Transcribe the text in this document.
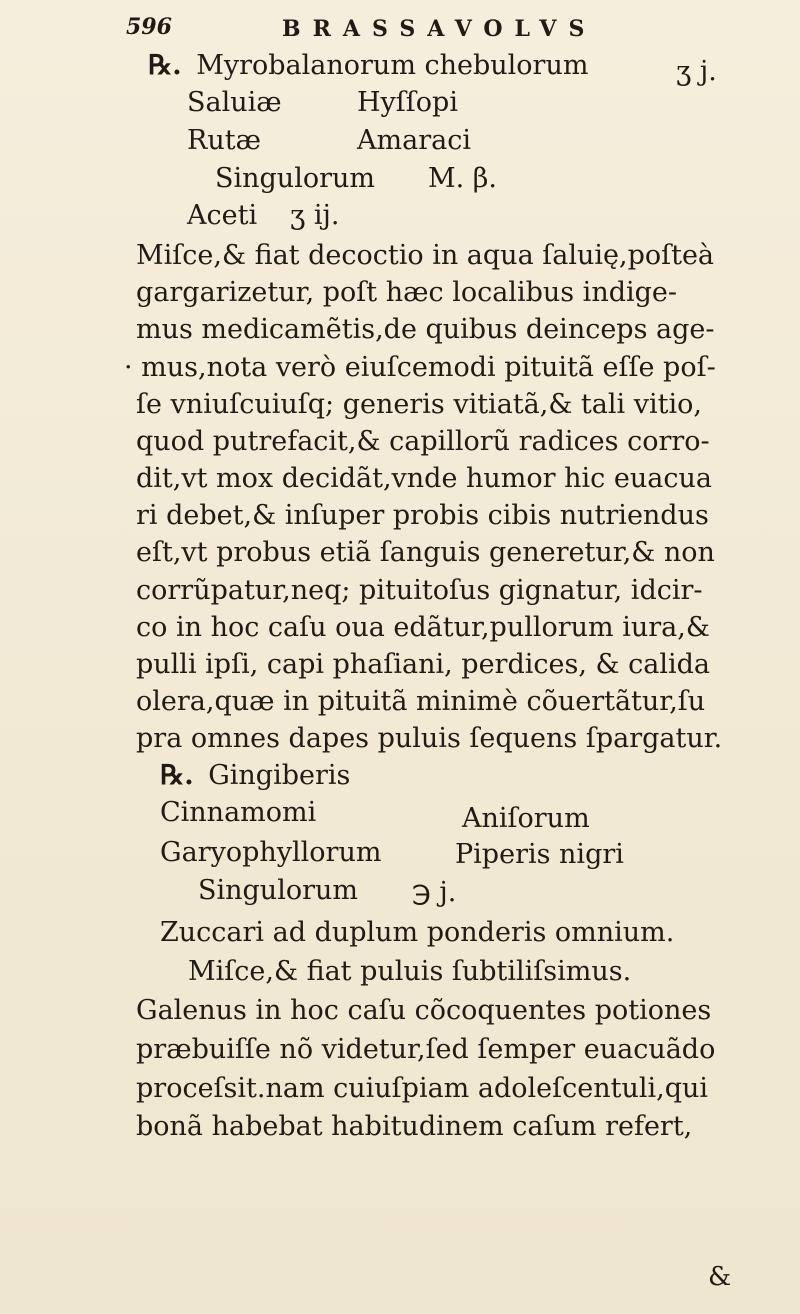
596	BRASSAVOLVS
℞. Myrobalanorum chebulorum	ʒ j.
Saluiæ	Hyſſopi
Rutæ	Amaraci
Singulorum M. β.
Aceti ʒ ij.
Miſce,& fiat decoctio in aqua ſaluię,poſteà
gargarizetur, poſt hæc localibus indige-
mus medicamẽtis,de quibus deinceps age-
· mus,nota verò eiuſcemodi pituitã eſſe poſ-
ſe vniuſcuiuſq; generis vitiatã,& tali vitio,
quod putrefacit,& capillorũ radices corro-
dit,vt mox decidãt,vnde humor hic euacua
ri debet,& inſuper probis cibis nutriendus
eſt,vt probus etiã ſanguis generetur,& non
corrũpatur,neq; pituitoſus gignatur, idcir-
co in hoc caſu oua edãtur,pullorum iura,&
pulli ipſi, capi phaſiani, perdices, & calida
olera,quæ in pituitã minimè cõuertãtur,ſu
pra omnes dapes puluis ſequens ſpargatur.
℞. Gingiberis
Cinnamomi	Aniſorum
Garyophyllorum	Piperis nigri
Singulorum ℈ j.
Zuccari ad duplum ponderis omnium.
Miſce,& fiat puluis ſubtiliſsimus.
Galenus in hoc caſu cõcoquentes potiones
præbuiſſe nõ videtur,ſed ſemper euacuãdo
proceſsit.nam cuiuſpiam adoleſcentuli,qui
bonã habebat habitudinem caſum refert,
&
